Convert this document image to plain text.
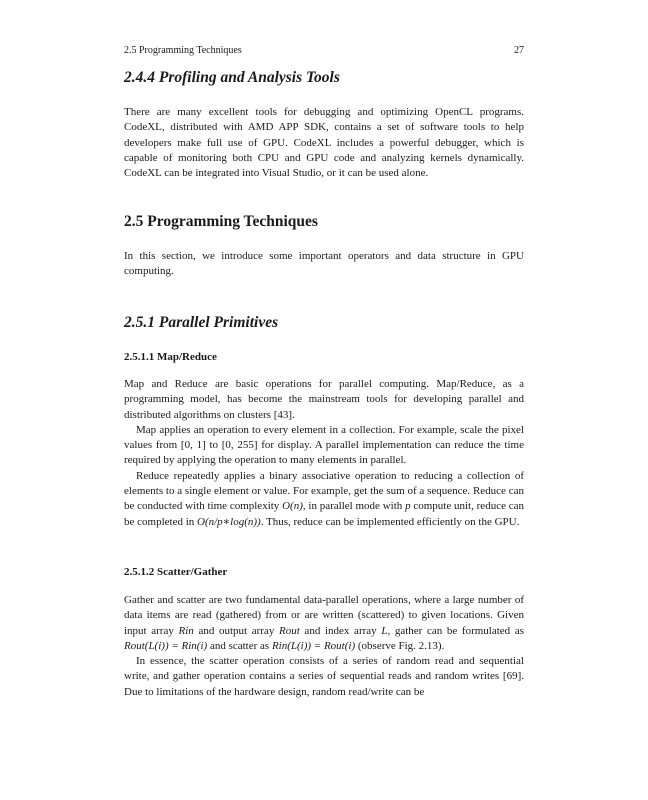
2.5 Programming Techniques	27
2.4.4 Profiling and Analysis Tools

There are many excellent tools for debugging and optimizing OpenCL programs. CodeXL, distributed with AMD APP SDK, contains a set of software tools to help developers make full use of GPU. CodeXL includes a powerful debugger, which is capable of monitoring both CPU and GPU code and analyzing kernels dynamically. CodeXL can be integrated into Visual Studio, or it can be used alone.

2.5 Programming Techniques

In this section, we introduce some important operators and data structure in GPU computing.

2.5.1 Parallel Primitives
2.5.1.1 Map/Reduce

Map and Reduce are basic operations for parallel computing. Map/Reduce, as a programming model, has become the mainstream tools for developing parallel and distributed algorithms on clusters [43].

Map applies an operation to every element in a collection. For example, scale the pixel values from [0, 1] to [0, 255] for display. A parallel implementation can reduce the time required by applying the operation to many elements in parallel.

Reduce repeatedly applies a binary associative operation to reducing a collection of elements to a single element or value. For example, get the sum of a sequence. Reduce can be conducted with time complexity O(n), in parallel mode with p compute unit, reduce can be completed in O(n/p∗log(n)). Thus, reduce can be implemented efficiently on the GPU.

2.5.1.2 Scatter/Gather

Gather and scatter are two fundamental data-parallel operations, where a large number of data items are read (gathered) from or are written (scattered) to given locations. Given input array Rin and output array Rout and index array L, gather can be formulated as Rout(L(i)) = Rin(i) and scatter as Rin(L(i)) = Rout(i) (observe Fig. 2.13).

In essence, the scatter operation consists of a series of random read and sequential write, and gather operation contains a series of sequential reads and random writes [69]. Due to limitations of the hardware design, random read/write can be
